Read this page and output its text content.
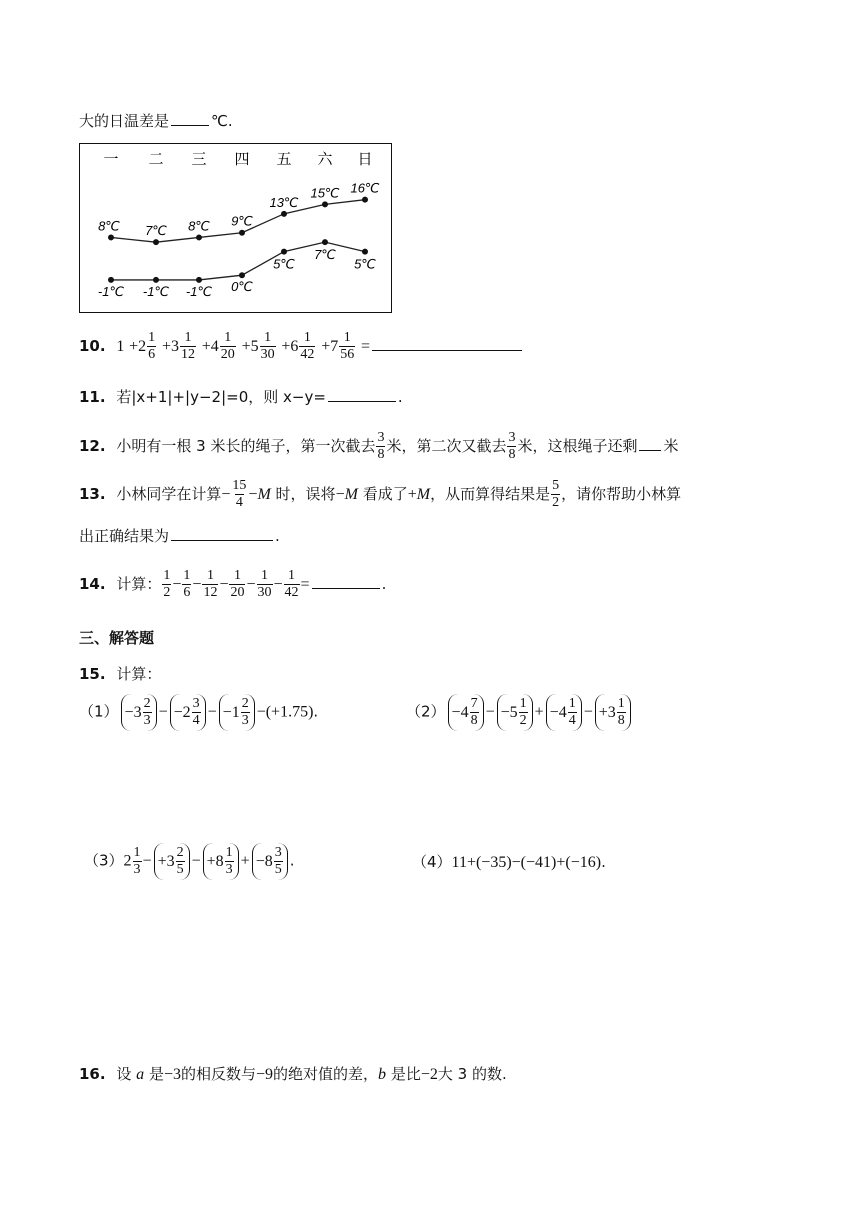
大的日温差是	℃.
一 二 三 四 五 六 日
8℃ 7℃ 8℃ 9℃
13℃
15℃ 16℃
-1℃ -1℃ -1℃ 0℃
5℃
7℃
5℃
10. $1 +2 \frac{1}{6} +3 \frac{1}{12} +4 \frac{1}{20} +5 \frac{1}{30} +6 \frac{1}{42} +7 \frac{1}{56}$ =
11. 若|x+1|+|y−2|=0，则 x−y=	.
12. 小明有一根 3 米长的绳子，第一次截去 $\frac{3}{8}$ 米，第二次又截去 $\frac{3}{8}$ 米，这根绳子还剩 米
13. 小林同学在计算− $\frac{15}{4} -M$ 时，误将−M 看成了+M，从而算得结果是 $\frac{5}{2}$ ，请你帮助小林算
出正确结果为	.
14. 计算： $\frac{1}{2} - \frac{1}{6} - \frac{1}{12} - \frac{1}{20} - \frac{1}{30} - \frac{1}{42}$ =	.
三、解答题
15. 计算：
$(1) -3 \frac{2}{3} - -2 \frac{3}{4} - -1 \frac{2}{3} -(+1.75)$.	$(2) -4 \frac{7}{8} - -5 \frac{1}{2} + -4 \frac{1}{4} - +3 \frac{1}{8}$
$(3)2 \frac{1}{3} - +3 \frac{2}{5} - +8 \frac{1}{3} + -8 \frac{3}{5}$ .	（4）11+(−35)−(−41)+(−16).
16. 设 a 是−3的相反数与−9的绝对值的差，b 是比−2大 3 的数.
